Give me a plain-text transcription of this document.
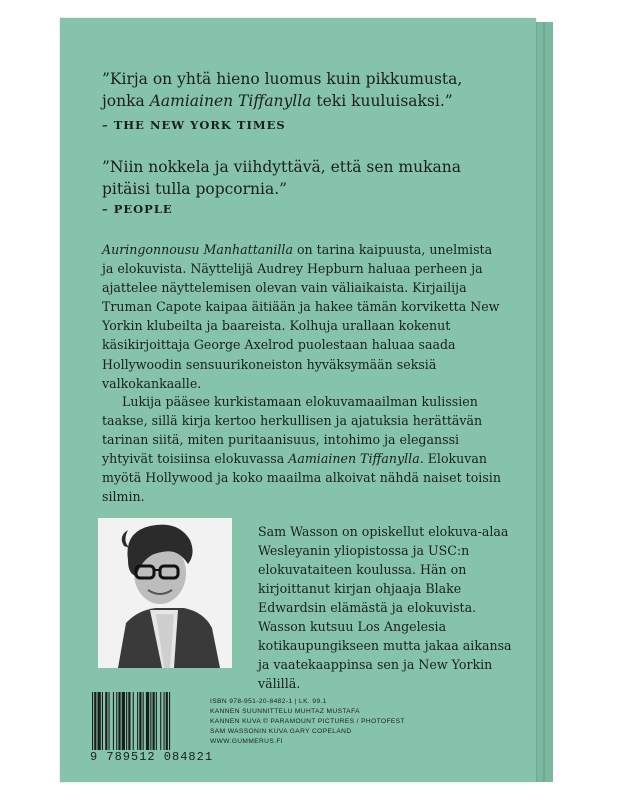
”Kirja on yhtä hieno luomus kuin pikkumusta,
jonka Aamiainen Tiffanylla teki kuuluisaksi.”
– THE NEW YORK TIMES
”Niin nokkela ja viihdyttävä, että sen mukana
pitäisi tulla popcornia.”
– PEOPLE
Auringonnousu Manhattanilla on tarina kaipuusta, unelmista ja elokuvista. Näyttelijä Audrey Hepburn haluaa perheen ja ajattelee näyttelemisen olevan vain väliaikaista. Kirjailija Truman Capote kaipaa äitiään ja hakee tämän korviketta New Yorkin klubeilta ja baareista. Kolhuja urallaan kokenut käsikirjoittaja George Axelrod puolestaan haluaa saada Hollywoodin sensuurikoneiston hyväksymään seksiä valkokankaalle.
Lukija pääsee kurkistamaan elokuvamaailman kulissien taakse, sillä kirja kertoo herkullisen ja ajatuksia herättävän tarinan siitä, miten puritaanisuus, intohimo ja eleganssi yhtyivät toisiinsa elokuvassa Aamiainen Tiffanylla. Elokuvan myötä Hollywood ja koko maailma alkoivat nähdä naiset toisin silmin.
Sam Wasson on opiskellut elokuva-alaa Wesleyanin yliopistossa ja USC:n elokuvataiteen koulussa. Hän on kirjoittanut kirjan ohjaaja Blake Edwardsin elämästä ja elokuvista. Wasson kutsuu Los Angelesia kotikaupungikseen mutta jakaa aikansa ja vaatekaappinsa sen ja New Yorkin välillä.
9 789512 084821
ISBN 978-951-20-8482-1 | LK. 99.1
KANNEN SUUNNITTELU MUHTAZ MUSTAFA
KANNEN KUVA © PARAMOUNT PICTURES / PHOTOFEST
SAM WASSONIN KUVA GARY COPELAND
WWW.GUMMERUS.FI
